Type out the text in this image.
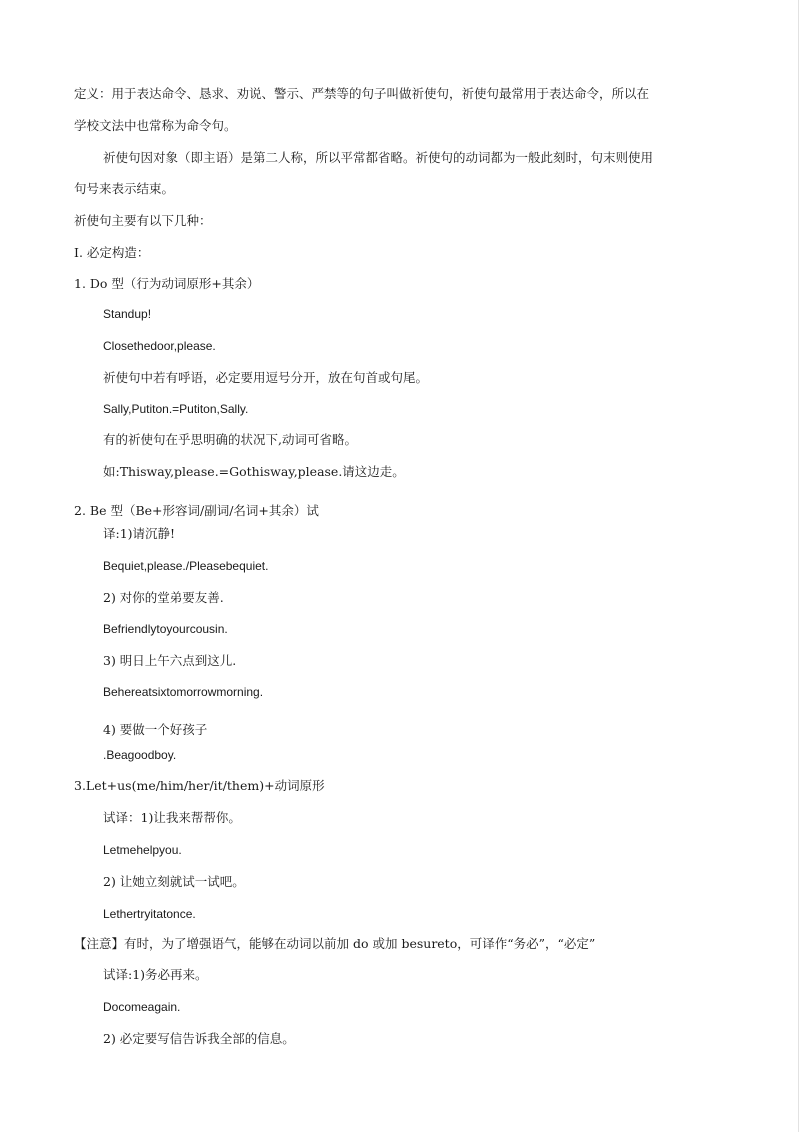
定义：用于表达命令、恳求、劝说、警示、严禁等的句子叫做祈使句，祈使句最常用于表达命令，所以在
学校文法中也常称为命令句。
祈使句因对象（即主语）是第二人称，所以平常都省略。祈使句的动词都为一般此刻时，句末则使用
句号来表示结束。
祈使句主要有以下几种：
I. 必定构造：
1. Do 型（行为动词原形+其余）
Standup!
Closethedoor,please.
祈使句中若有呼语，必定要用逗号分开，放在句首或句尾。
Sally,Putiton.=Putiton,Sally.
有的祈使句在乎思明确的状况下,动词可省略。
如:Thisway,please.=Gothisway,please.请这边走。
2. Be 型（Be+形容词/副词/名词+其余）试
译:1)请沉静!
Bequiet,please./Pleasebequiet.
2) 对你的堂弟要友善.
Befriendlytoyourcousin.
3) 明日上午六点到这儿.
Behereatsixtomorrowmorning.
4) 要做一个好孩子
.Beagoodboy.
3.Let+us(me/him/her/it/them)+动词原形
试译：1)让我来帮帮你。
Letmehelpyou.
2) 让她立刻就试一试吧。
Lethertryitatonce.
【注意】有时，为了增强语气，能够在动词以前加 do 或加 besureto，可译作“务必”，“必定”
试译:1)务必再来。
Docomeagain.
2) 必定要写信告诉我全部的信息。
